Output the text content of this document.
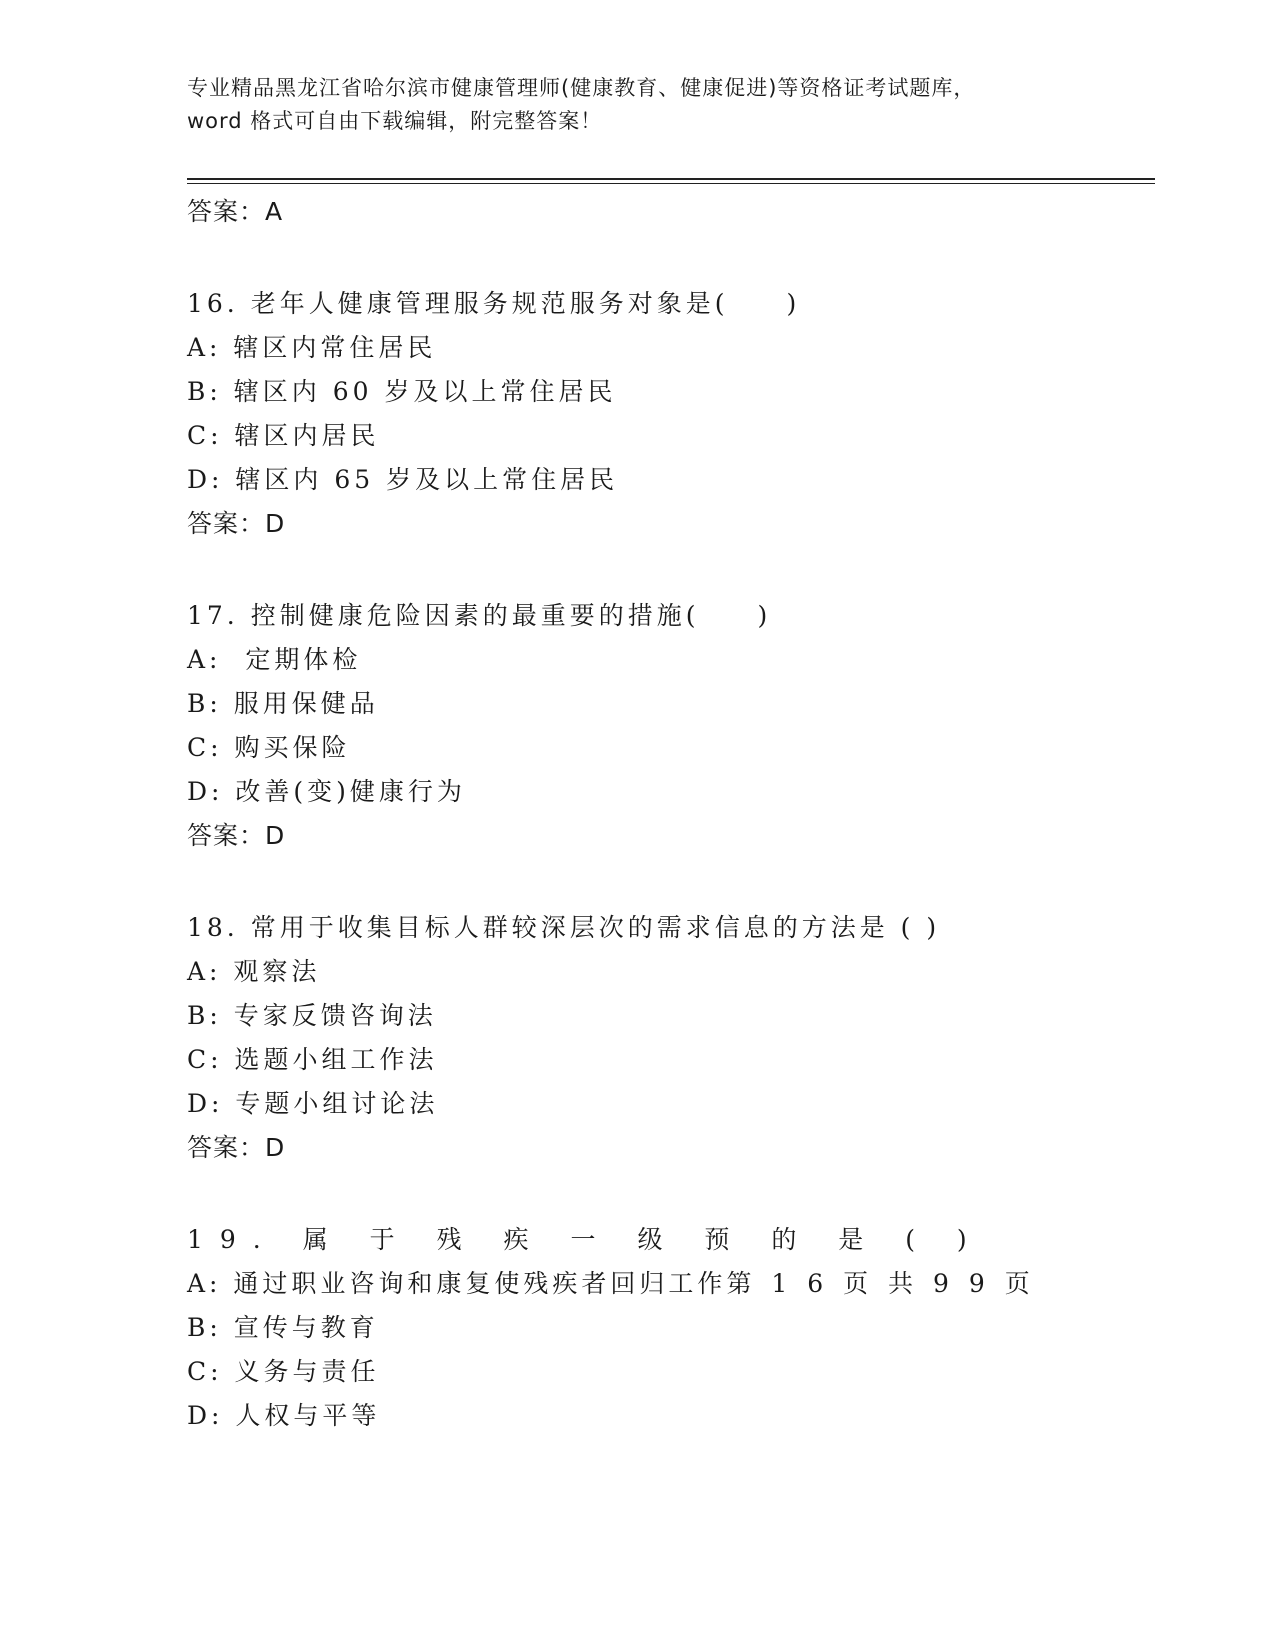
专业精品黑龙江省哈尔滨市健康管理师(健康教育、健康促进)等资格证考试题库，
word 格式可自由下载编辑，附完整答案！
答案：A
16. 老年人健康管理服务规范服务对象是(　　)
A: 辖区内常住居民
B: 辖区内 60 岁及以上常住居民
C: 辖区内居民
D: 辖区内 65 岁及以上常住居民
答案：D
17. 控制健康危险因素的最重要的措施(　　)
A:  定期体检
B: 服用保健品
C: 购买保险
D: 改善(变)健康行为
答案：D
18. 常用于收集目标人群较深层次的需求信息的方法是 ( )
A: 观察法
B: 专家反馈咨询法
C: 选题小组工作法
D: 专题小组讨论法
答案：D
19. 属 于 残 疾 一 级 预 的 是 ( )
A: 通过职业咨询和康复使残疾者回归工作第 1 6 页 共 9 9 页
B: 宣传与教育
C: 义务与责任
D: 人权与平等
